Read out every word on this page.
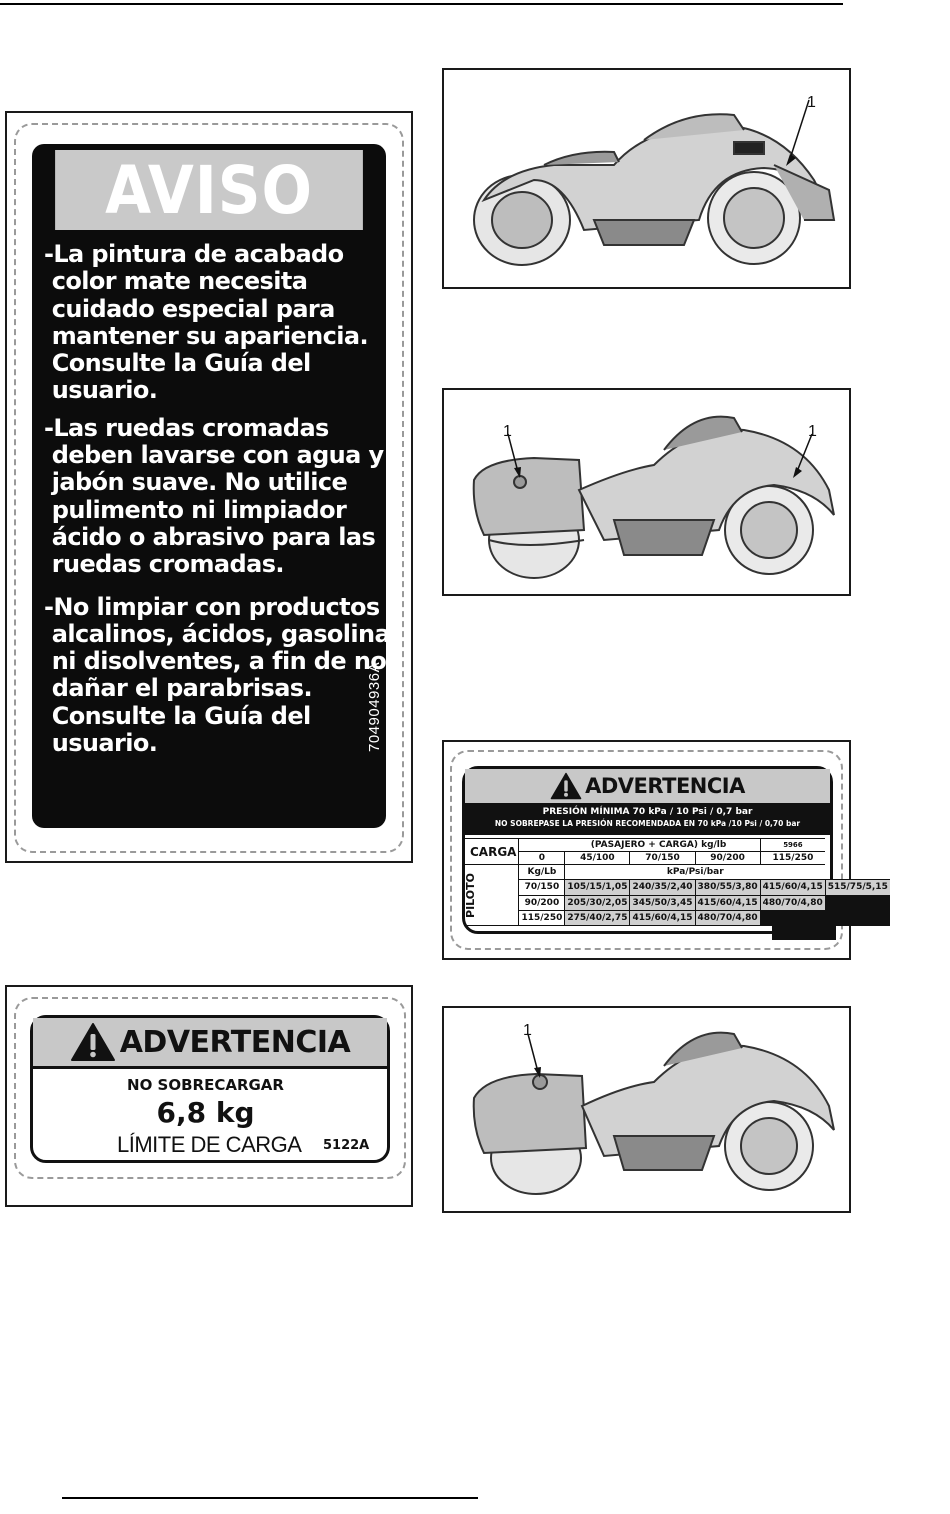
AVISO

-La pintura de acabado
color mate necesita
cuidado especial para
mantener su apariencia.
Consulte la Guía del
usuario.

-Las ruedas cromadas
deben lavarse con agua y
jabón suave. No utilice
pulimento ni limpiador
ácido o abrasivo para las
ruedas cromadas.

-No limpiar con productos
alcalinos, ácidos, gasolina
ni disolventes, a fin de no
dañar el parabrisas.
Consulte la Guía del
usuario.	704904936A
ADVERTENCIA
NO SOBRECARGAR
6,8 kg
LÍMITE DE CARGA 5122A
ADVERTENCIA
PRESIÓN MÍNIMA 70 kPa / 10 Psi / 0,7 bar
NO SOBREPASE LA PRESIÓN RECOMENDADA EN 70 kPa /10 Psi / 0,70 bar
CARGA	(PASAJERO + CARGA) kg/lb				5966	
	0	45/100	70/150	90/200	115/250	

PILOTO	Kg/Lb	kPa/Psi/bar				
	70/150	105/15/1,05	240/35/2,40	380/55/3,80	415/60/4,15	515/75/5,15
	90/200	205/30/2,05	345/50/3,45	415/60/4,15	480/70/4,80	
	115/250	275/40/2,75	415/60/4,15	480/70/4,80		
1
1	1
1
